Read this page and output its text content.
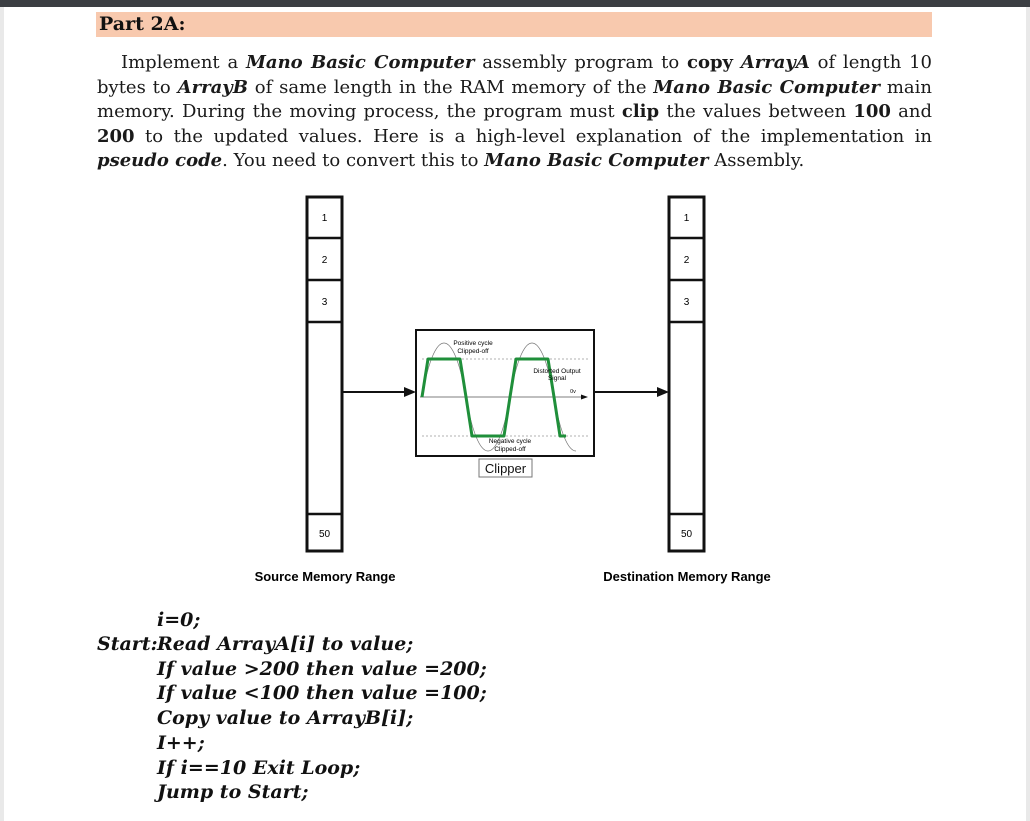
Part 2A:

Implement a Mano Basic Computer assembly program to copy ArrayA of length 10 bytes to ArrayB of same length in the RAM memory of the Mano Basic Computer main memory. During the moving process, the program must clip the values between 100 and 200 to the updated values. Here is a high-level explanation of the implementation in pseudo code. You need to convert this to Mano Basic Computer Assembly.

1
2
3
50
1
2
3
50
Positive cycle
Clipped-off
Distorted Output
Signal
0v
Negative cycle
Clipped-off
Clipper
Source Memory Range	Destination Memory Range
i=0;
Start: Read ArrayA[i] to value;
If value >200 then value =200;
If value <100 then value =100;
Copy value to ArrayB[i];
I++;
If i==10 Exit Loop;
Jump to Start;
